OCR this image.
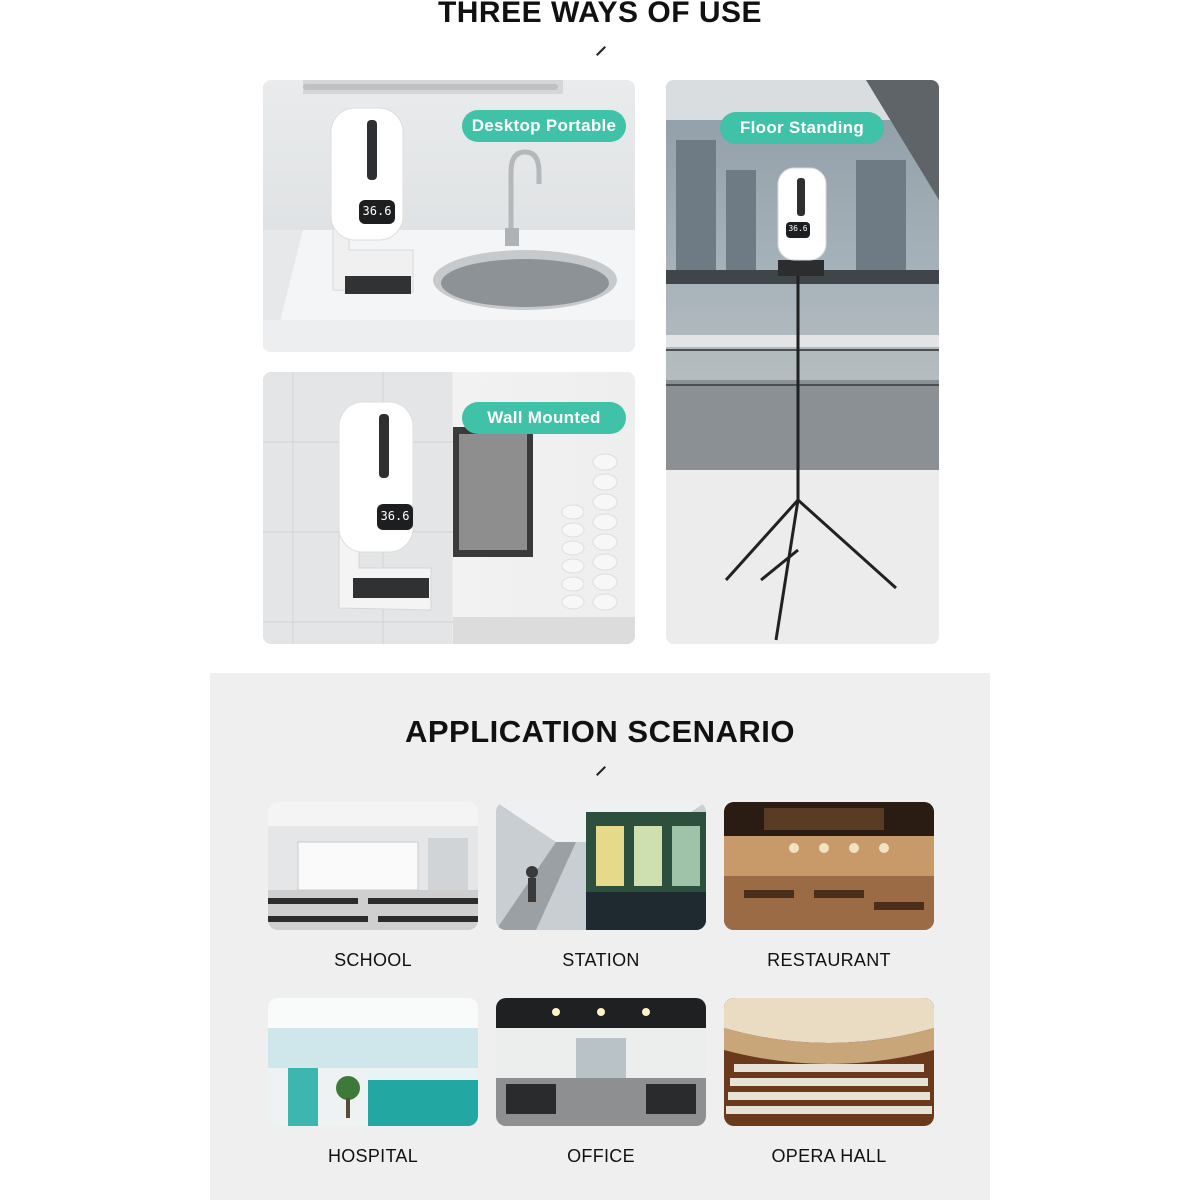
THREE WAYS OF USE
Desktop Portable
36.6
Wall Mounted
36.6
Floor Standing
36.6
APPLICATION SCENARIO
SCHOOL	STATION	RESTAURANT
HOSPITAL	OFFICE	OPERA HALL
